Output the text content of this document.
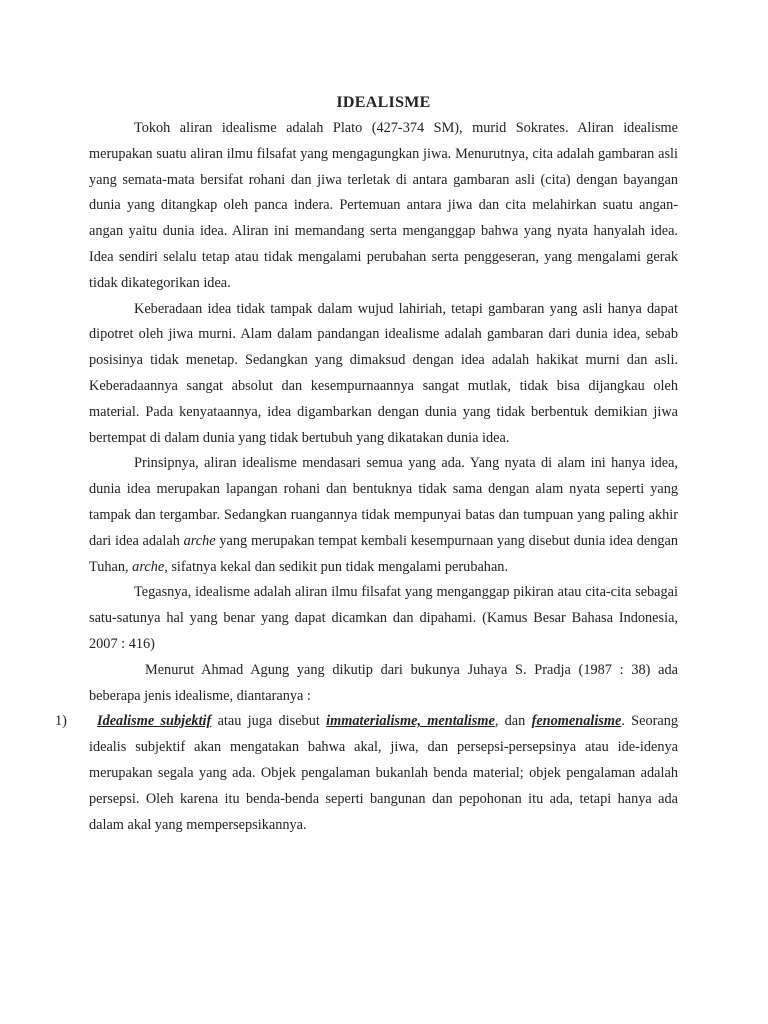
IDEALISME

Tokoh aliran idealisme adalah Plato (427-374 SM), murid Sokrates. Aliran idealisme merupakan suatu aliran ilmu filsafat yang mengagungkan jiwa. Menurutnya, cita adalah gambaran asli yang semata-mata bersifat rohani dan jiwa terletak di antara gambaran asli (cita) dengan bayangan dunia yang ditangkap oleh panca indera. Pertemuan antara jiwa dan cita melahirkan suatu angan-angan yaitu dunia idea. Aliran ini memandang serta menganggap bahwa yang nyata hanyalah idea. Idea sendiri selalu tetap atau tidak mengalami perubahan serta penggeseran, yang mengalami gerak tidak dikategorikan idea.

Keberadaan idea tidak tampak dalam wujud lahiriah, tetapi gambaran yang asli hanya dapat dipotret oleh jiwa murni. Alam dalam pandangan idealisme adalah gambaran dari dunia idea, sebab posisinya tidak menetap. Sedangkan yang dimaksud dengan idea adalah hakikat murni dan asli. Keberadaannya sangat absolut dan kesempurnaannya sangat mutlak, tidak bisa dijangkau oleh material. Pada kenyataannya, idea digambarkan dengan dunia yang tidak berbentuk demikian jiwa bertempat di dalam dunia yang tidak bertubuh yang dikatakan dunia idea.

Prinsipnya, aliran idealisme mendasari semua yang ada. Yang nyata di alam ini hanya idea, dunia idea merupakan lapangan rohani dan bentuknya tidak sama dengan alam nyata seperti yang tampak dan tergambar. Sedangkan ruangannya tidak mempunyai batas dan tumpuan yang paling akhir dari idea adalah arche yang merupakan tempat kembali kesempurnaan yang disebut dunia idea dengan Tuhan, arche, sifatnya kekal dan sedikit pun tidak mengalami perubahan.

Tegasnya, idealisme adalah aliran ilmu filsafat yang menganggap pikiran atau cita-cita sebagai satu-satunya hal yang benar yang dapat dicamkan dan dipahami. (Kamus Besar Bahasa Indonesia, 2007 : 416)

Menurut Ahmad Agung yang dikutip dari bukunya Juhaya S. Pradja (1987 : 38) ada beberapa jenis idealisme, diantaranya :

1) Idealisme subjektif atau juga disebut immaterialisme, mentalisme, dan fenomenalisme. Seorang idealis subjektif akan mengatakan bahwa akal, jiwa, dan persepsi-persepsinya atau ide-idenya merupakan segala yang ada. Objek pengalaman bukanlah benda material; objek pengalaman adalah persepsi. Oleh karena itu benda-benda seperti bangunan dan pepohonan itu ada, tetapi hanya ada dalam akal yang mempersepsikannya.
